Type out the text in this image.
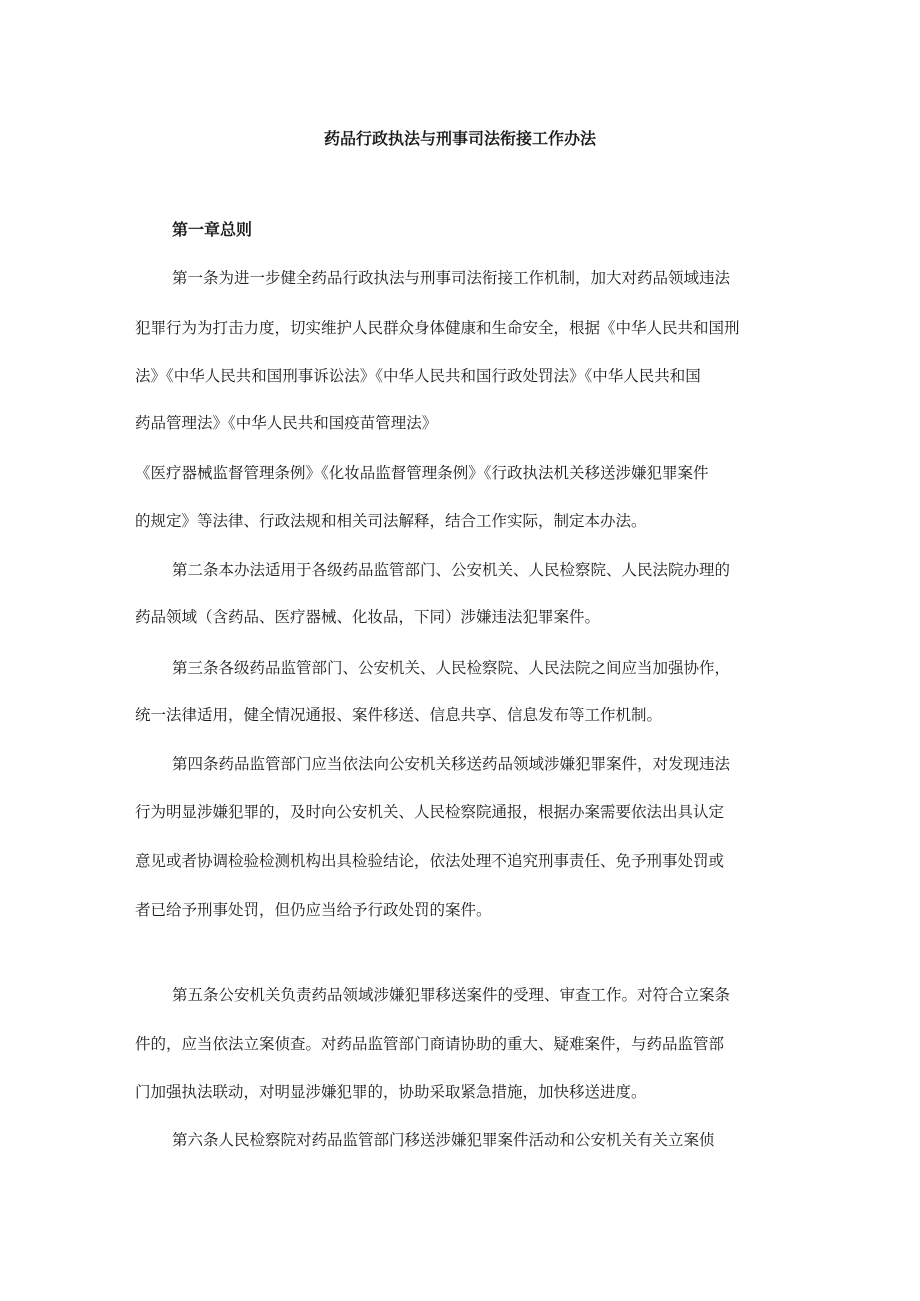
药品行政执法与刑事司法衔接工作办法
第一章总则

第一条为进一步健全药品行政执法与刑事司法衔接工作机制，加大对药品领域违法

犯罪行为为打击力度，切实维护人民群众身体健康和生命安全，根据《中华人民共和国刑

法》《中华人民共和国刑事诉讼法》《中华人民共和国行政处罚法》《中华人民共和国

药品管理法》《中华人民共和国疫苗管理法》

《医疗器械监督管理条例》《化妆品监督管理条例》《行政执法机关移送涉嫌犯罪案件

的规定》等法律、行政法规和相关司法解释，结合工作实际，制定本办法。

第二条本办法适用于各级药品监管部门、公安机关、人民检察院、人民法院办理的

药品领域（含药品、医疗器械、化妆品，下同）涉嫌违法犯罪案件。

第三条各级药品监管部门、公安机关、人民检察院、人民法院之间应当加强协作，

统一法律适用，健全情况通报、案件移送、信息共享、信息发布等工作机制。

第四条药品监管部门应当依法向公安机关移送药品领域涉嫌犯罪案件，对发现违法

行为明显涉嫌犯罪的，及时向公安机关、人民检察院通报，根据办案需要依法出具认定

意见或者协调检验检测机构出具检验结论，依法处理不追究刑事责任、免予刑事处罚或

者已给予刑事处罚，但仍应当给予行政处罚的案件。

第五条公安机关负责药品领域涉嫌犯罪移送案件的受理、审查工作。对符合立案条

件的，应当依法立案侦查。对药品监管部门商请协助的重大、疑难案件，与药品监管部

门加强执法联动，对明显涉嫌犯罪的，协助采取紧急措施，加快移送进度。

第六条人民检察院对药品监管部门移送涉嫌犯罪案件活动和公安机关有关立案侦
